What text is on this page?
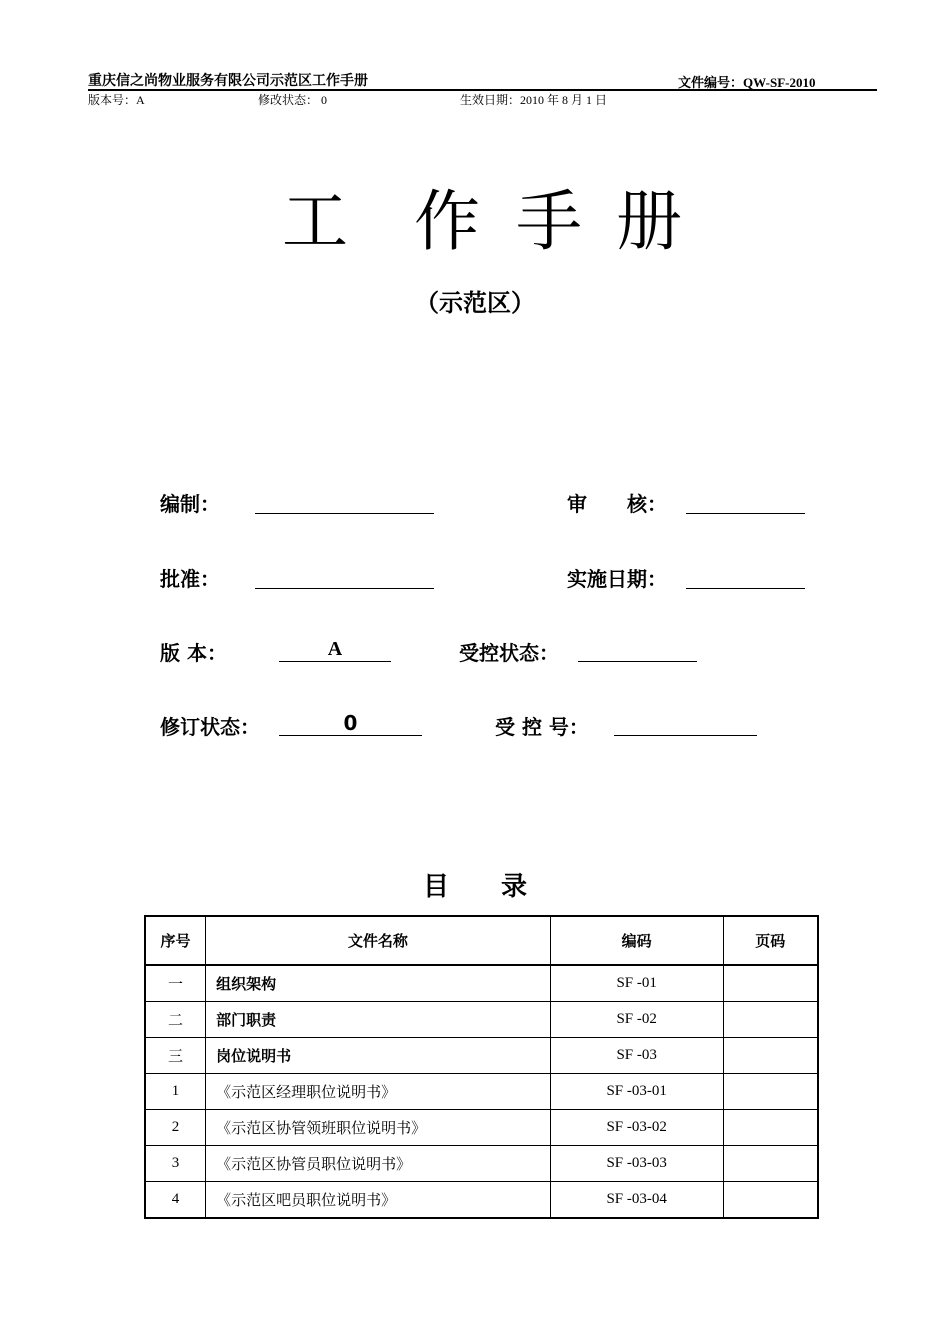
重庆信之尚物业服务有限公司示范区工作手册	文件编号：QW-SF-2010
版本号：A	修改状态： 0	生效日期：2010 年 8 月 1 日
工 作 手 册
（示范区）
编制：	审　　核：
批准：	实施日期：
版 本：	A	受控状态：
修订状态：	0	受 控 号：
目　　录
序号	文件名称	编码	页码
一	组织架构	SF -01	
二	部门职责	SF -02	
三	岗位说明书	SF -03	
1	《示范区经理职位说明书》	SF -03-01	
2	《示范区协管领班职位说明书》	SF -03-02	
3	《示范区协管员职位说明书》	SF -03-03	
4	《示范区吧员职位说明书》	SF -03-04	
